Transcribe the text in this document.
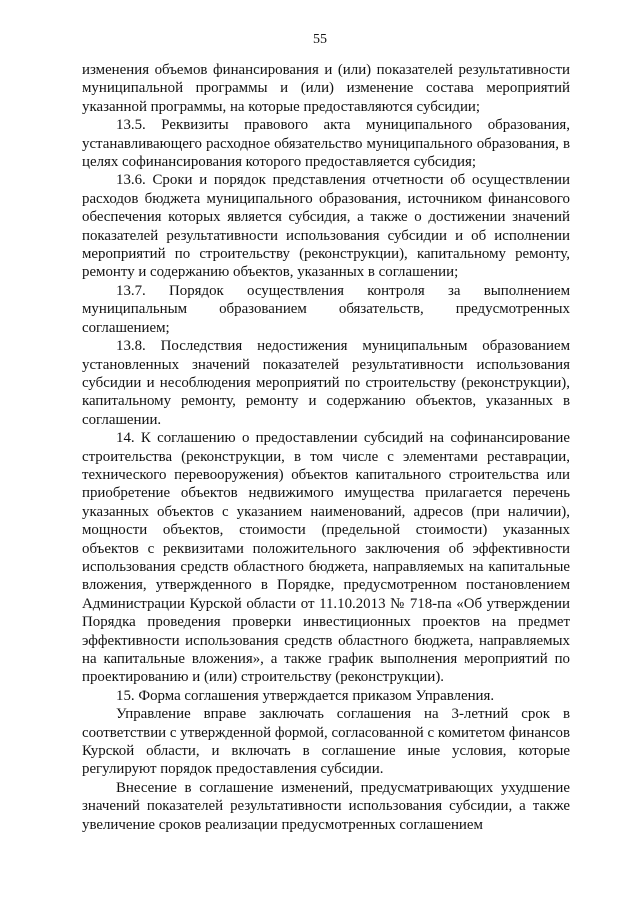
55

изменения объемов финансирования и (или) показателей результативности муниципальной программы и (или) изменение состава мероприятий указанной программы, на которые предоставляются субсидии;

13.5. Реквизиты правового акта муниципального образования, устанавливающего расходное обязательство муниципального образования, в целях софинансирования которого предоставляется субсидия;

13.6. Сроки и порядок представления отчетности об осуществлении расходов бюджета муниципального образования, источником финансового обеспечения которых является субсидия, а также о достижении значений показателей результативности использования субсидии и об исполнении мероприятий по строительству (реконструкции), капитальному ремонту, ремонту и содержанию объектов, указанных в соглашении;

13.7. Порядок осуществления контроля за выполнением муниципальным образованием обязательств, предусмотренных соглашением;

13.8. Последствия недостижения муниципальным образованием установленных значений показателей результативности использования субсидии и несоблюдения мероприятий по строительству (реконструкции), капитальному ремонту, ремонту и содержанию объектов, указанных в соглашении.

14. К соглашению о предоставлении субсидий на софинансирование строительства (реконструкции, в том числе с элементами реставрации, технического перевооружения) объектов капитального строительства или приобретение объектов недвижимого имущества прилагается перечень указанных объектов с указанием наименований, адресов (при наличии), мощности объектов, стоимости (предельной стоимости) указанных объектов с реквизитами положительного заключения об эффективности использования средств областного бюджета, направляемых на капитальные вложения, утвержденного в Порядке, предусмотренном постановлением Администрации Курской области от 11.10.2013 № 718-па «Об утверждении Порядка проведения проверки инвестиционных проектов на предмет эффективности использования средств областного бюджета, направляемых на капитальные вложения», а также график выполнения мероприятий по проектированию и (или) строительству (реконструкции).

15. Форма соглашения утверждается приказом Управления.

Управление вправе заключать соглашения на 3-летний срок в соответствии с утвержденной формой, согласованной с комитетом финансов Курской области, и включать в соглашение иные условия, которые регулируют порядок предоставления субсидии.

Внесение в соглашение изменений, предусматривающих ухудшение значений показателей результативности использования субсидии, а также увеличение сроков реализации предусмотренных соглашением
